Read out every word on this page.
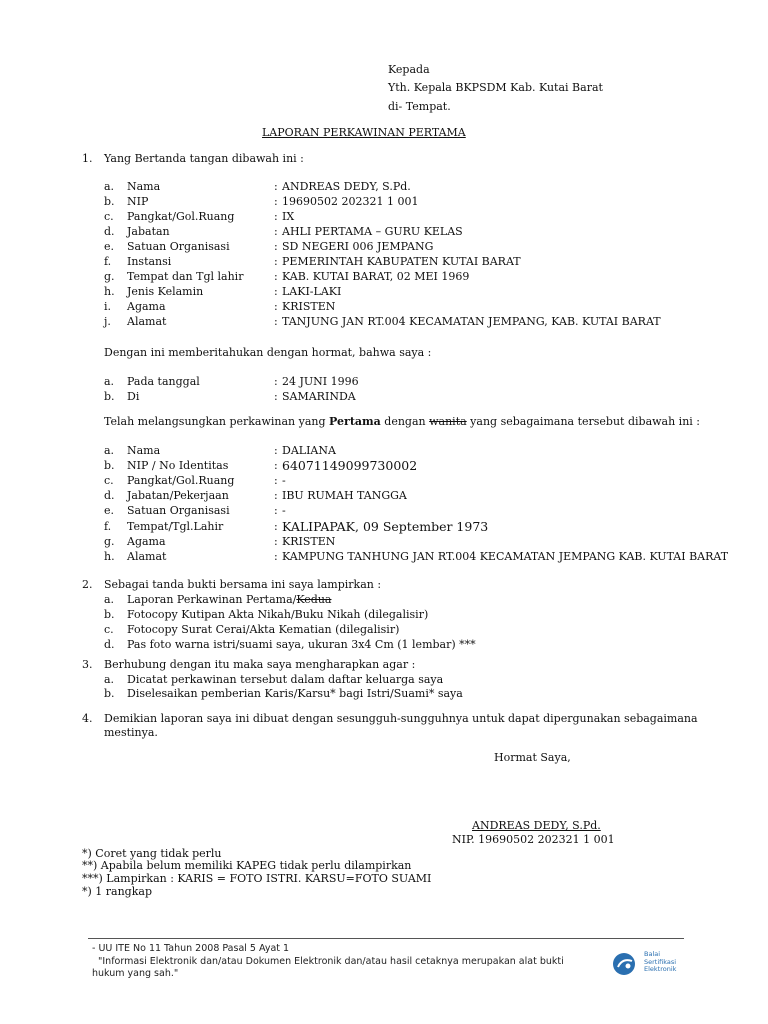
Kepada
Yth. Kepala BKPSDM Kab. Kutai Barat
di- Tempat.
LAPORAN PERKAWINAN PERTAMA
1. Yang Bertanda tangan dibawah ini :
a. Nama	: ANDREAS DEDY, S.Pd.
b. NIP	: 19690502 202321 1 001
c. Pangkat/Gol.Ruang	: IX
d. Jabatan	: AHLI PERTAMA – GURU KELAS
e. Satuan Organisasi	: SD NEGERI 006 JEMPANG
f. Instansi	: PEMERINTAH KABUPATEN KUTAI BARAT
g. Tempat dan Tgl lahir	: KAB. KUTAI BARAT, 02 MEI 1969
h. Jenis Kelamin	: LAKI-LAKI
i. Agama	: KRISTEN
j. Alamat	: TANJUNG JAN RT.004 KECAMATAN JEMPANG, KAB. KUTAI BARAT
Dengan ini memberitahukan dengan hormat, bahwa saya :
a. Pada tanggal	: 24 JUNI 1996
b. Di	: SAMARINDA
Telah melangsungkan perkawinan yang Pertama dengan wanita yang sebagaimana tersebut dibawah ini :
a. Nama	: DALIANA
b. NIP / No Identitas	: 64071149099730002
c. Pangkat/Gol.Ruang	: -
d. Jabatan/Pekerjaan	: IBU RUMAH TANGGA
e. Satuan Organisasi	: -
f. Tempat/Tgl.Lahir	: KALIPAPAK, 09 September 1973
g. Agama	: KRISTEN
h. Alamat	: KAMPUNG TANHUNG JAN RT.004 KECAMATAN JEMPANG KAB. KUTAI BARAT
2. Sebagai tanda bukti bersama ini saya lampirkan :
a. Laporan Perkawinan Pertama/Kedua
b. Fotocopy Kutipan Akta Nikah/Buku Nikah (dilegalisir)
c. Fotocopy Surat Cerai/Akta Kematian (dilegalisir)
d. Pas foto warna istri/suami saya, ukuran 3x4 Cm (1 lembar) ***
3. Berhubung dengan itu maka saya mengharapkan agar :
a. Dicatat perkawinan tersebut dalam daftar keluarga saya
b. Diselesaikan pemberian Karis/Karsu* bagi Istri/Suami* saya
4. Demikian laporan saya ini dibuat dengan sesungguh-sungguhnya untuk dapat dipergunakan sebagaimana
mestinya.
Hormat Saya,
ANDREAS DEDY, S.Pd.
NIP. 19690502 202321 1 001
*) Coret yang tidak perlu
**) Apabila belum memiliki KAPEG tidak perlu dilampirkan
***) Lampirkan : KARIS = FOTO ISTRI. KARSU=FOTO SUAMI
*) 1 rangkap
- UU ITE No 11 Tahun 2008 Pasal 5 Ayat 1
"Informasi Elektronik dan/atau Dokumen Elektronik dan/atau hasil cetaknya merupakan alat bukti
hukum yang sah."
Balai
Sertifikasi
Elektronik
